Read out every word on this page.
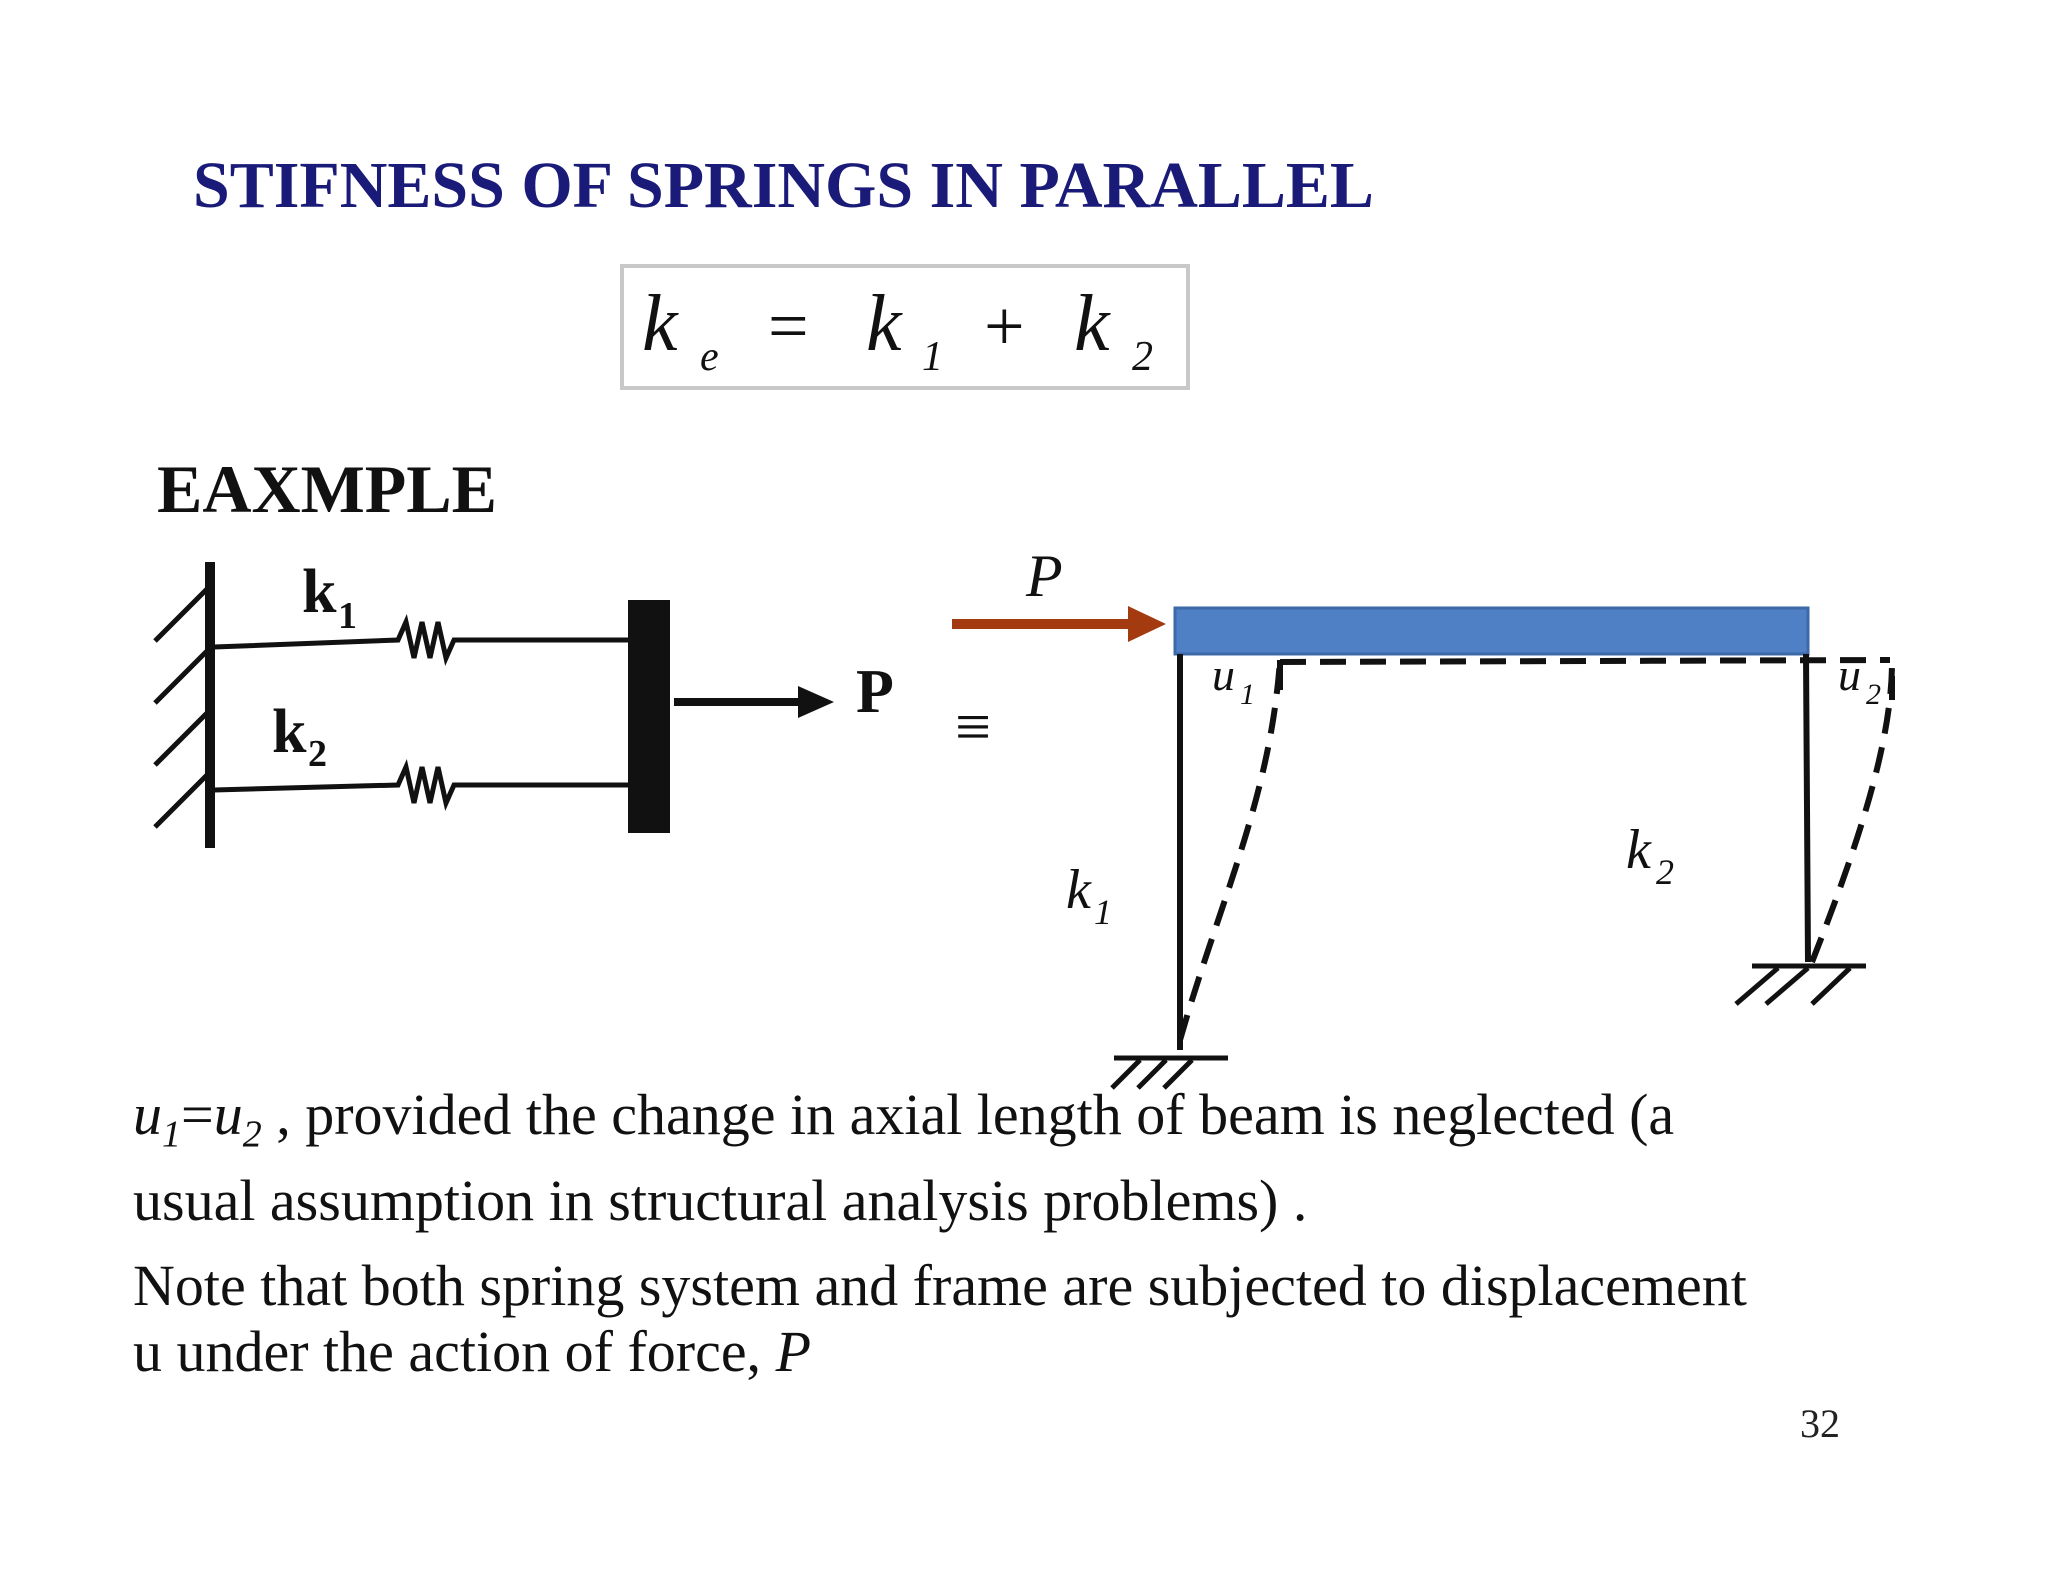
STIFNESS OF SPRINGS IN PARALLEL
k e k 1 k 2
= +
EAXMPLE
k 1
k 2
P ≡
P
u 1	u 2
k 1
k 2
$u_1=u_2$ , provided the change in axial length of beam is neglected (a
usual assumption in structural analysis problems) .
Note that both spring system and frame are subjected to displacement
u under the action of force, P
32
